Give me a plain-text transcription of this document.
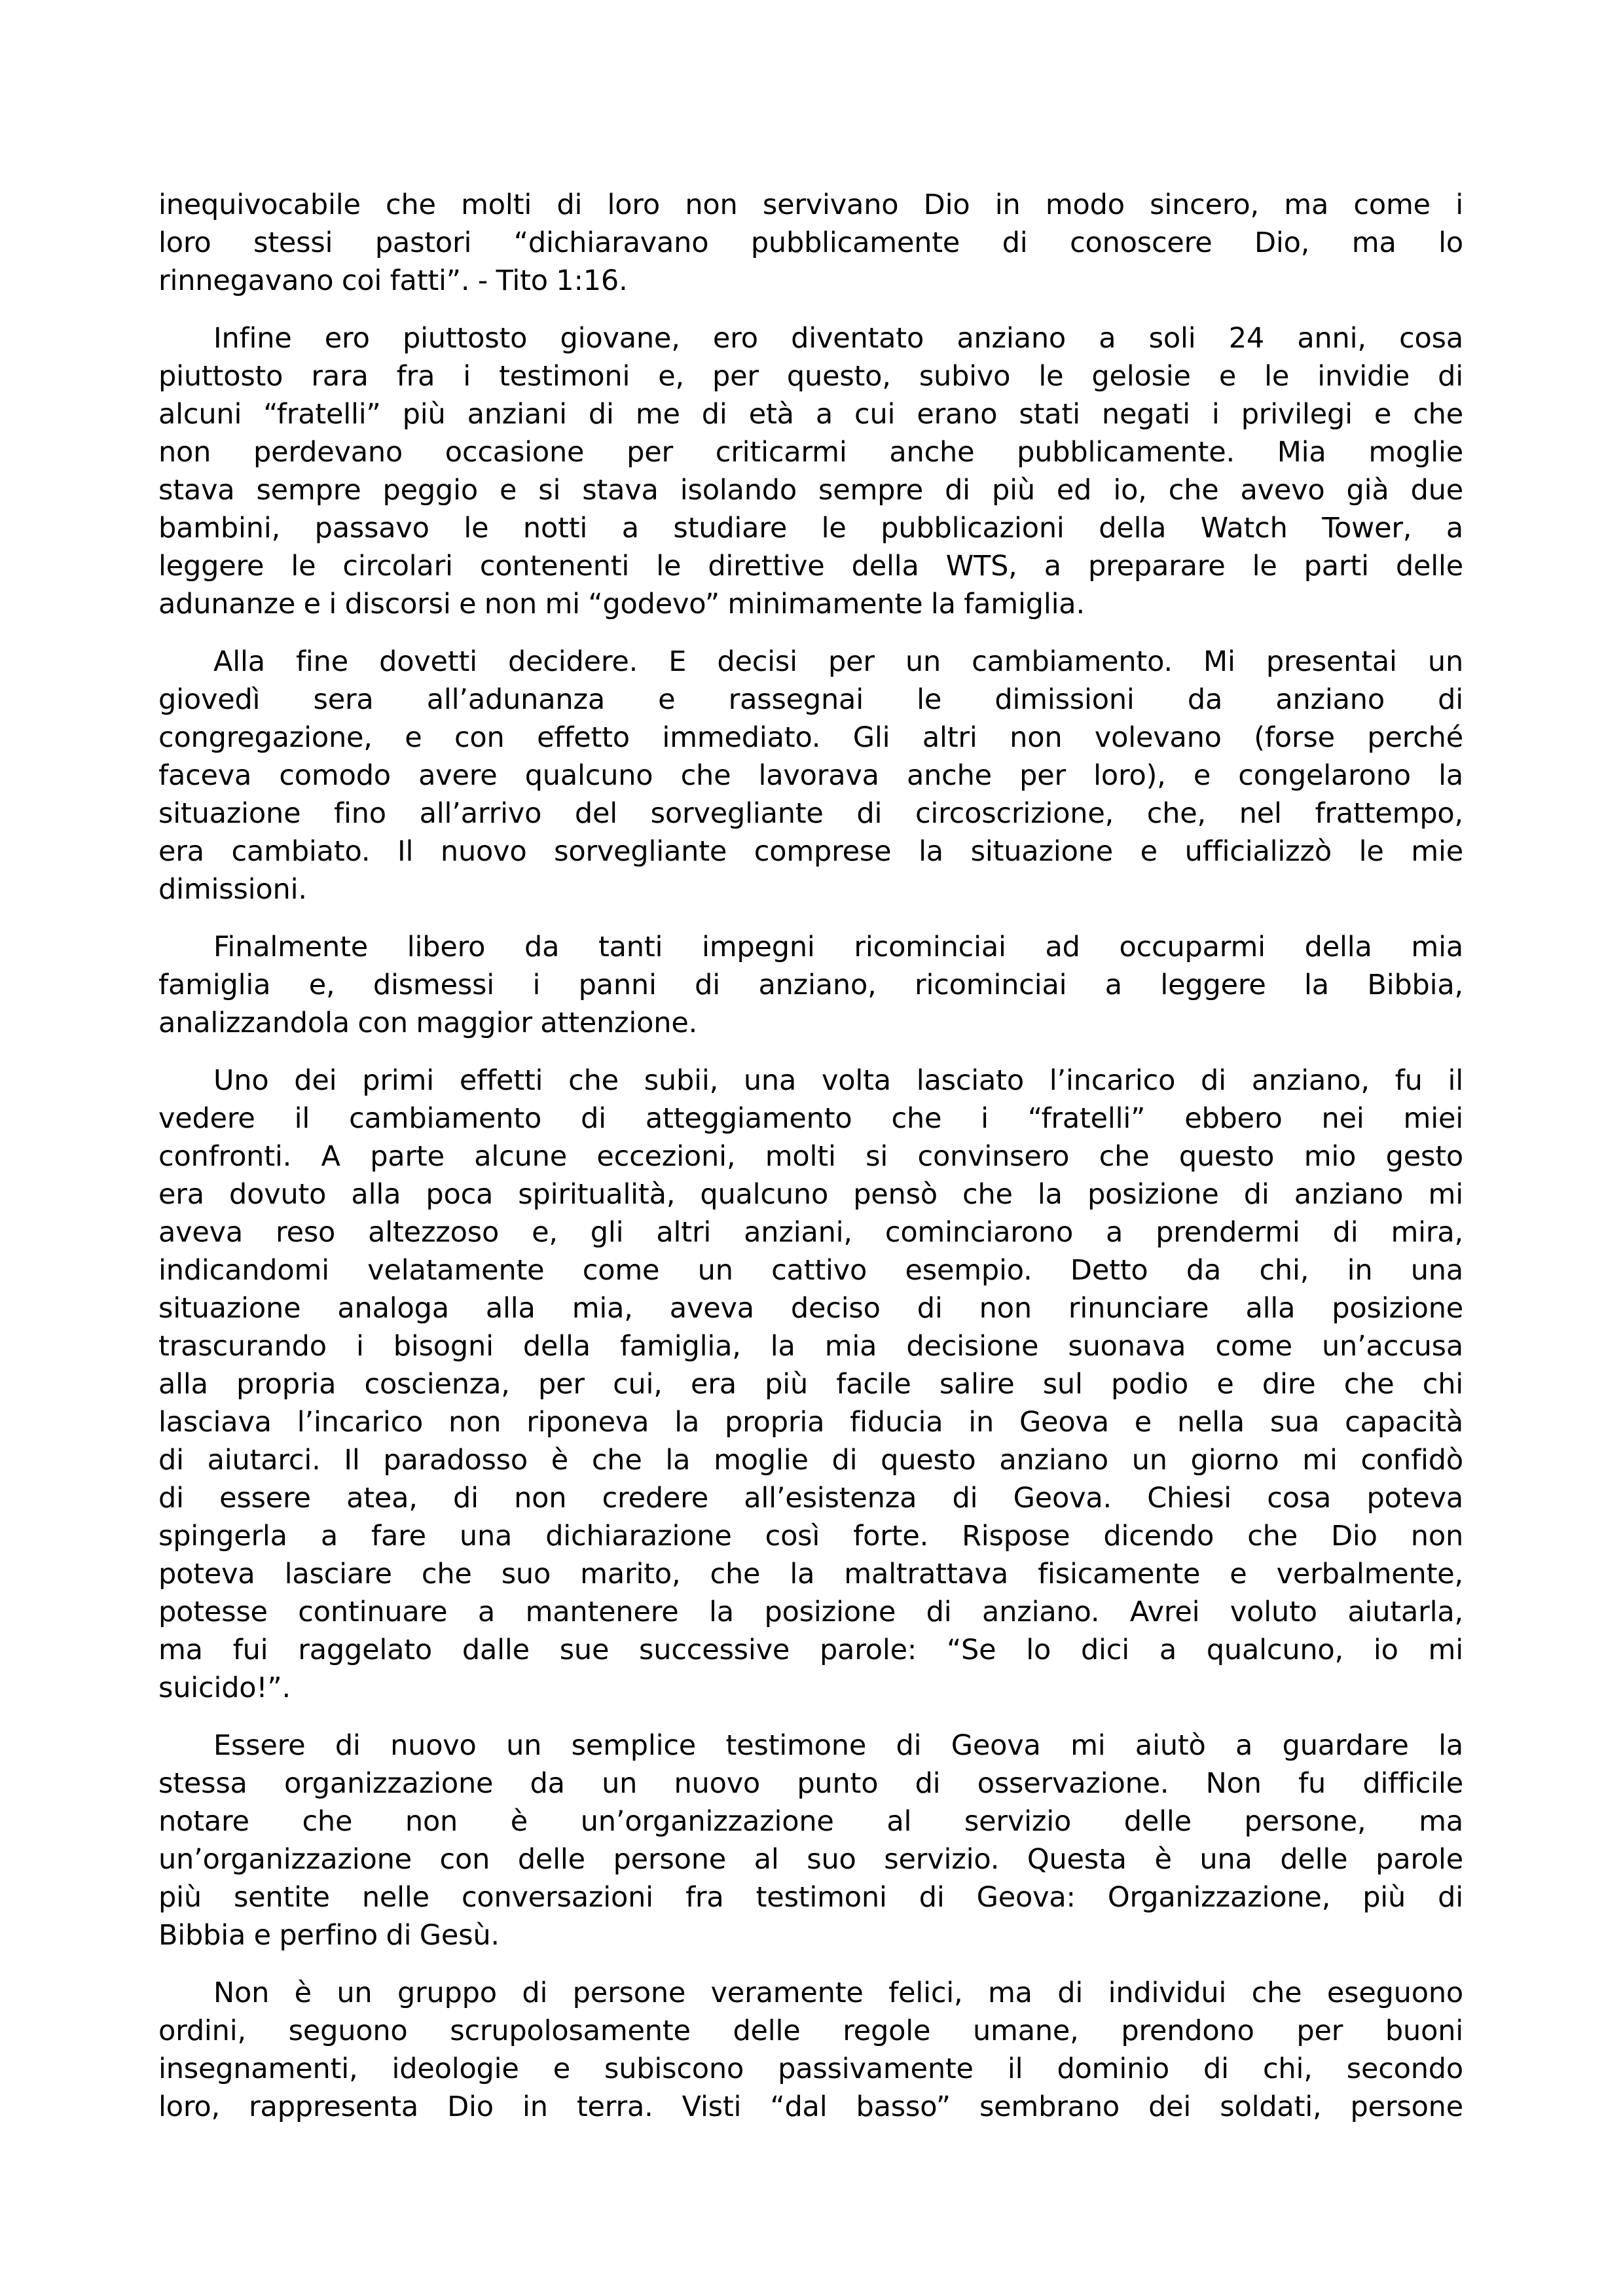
inequivocabile che molti di loro non servivano Dio in modo sincero, ma come i
loro stessi pastori “dichiaravano pubblicamente di conoscere Dio, ma lo
rinnegavano coi fatti”. - Tito 1:16.
Infine ero piuttosto giovane, ero diventato anziano a soli 24 anni, cosa
piuttosto rara fra i testimoni e, per questo, subivo le gelosie e le invidie di
alcuni “fratelli” più anziani di me di età a cui erano stati negati i privilegi e che
non perdevano occasione per criticarmi anche pubblicamente. Mia moglie
stava sempre peggio e si stava isolando sempre di più ed io, che avevo già due
bambini, passavo le notti a studiare le pubblicazioni della Watch Tower, a
leggere le circolari contenenti le direttive della WTS, a preparare le parti delle
adunanze e i discorsi e non mi “godevo” minimamente la famiglia.
Alla fine dovetti decidere. E decisi per un cambiamento. Mi presentai un
giovedì sera all’adunanza e rassegnai le dimissioni da anziano di
congregazione, e con effetto immediato. Gli altri non volevano (forse perché
faceva comodo avere qualcuno che lavorava anche per loro), e congelarono la
situazione fino all’arrivo del sorvegliante di circoscrizione, che, nel frattempo,
era cambiato. Il nuovo sorvegliante comprese la situazione e ufficializzò le mie
dimissioni.
Finalmente libero da tanti impegni ricominciai ad occuparmi della mia
famiglia e, dismessi i panni di anziano, ricominciai a leggere la Bibbia,
analizzandola con maggior attenzione.
Uno dei primi effetti che subii, una volta lasciato l’incarico di anziano, fu il
vedere il cambiamento di atteggiamento che i “fratelli” ebbero nei miei
confronti. A parte alcune eccezioni, molti si convinsero che questo mio gesto
era dovuto alla poca spiritualità, qualcuno pensò che la posizione di anziano mi
aveva reso altezzoso e, gli altri anziani, cominciarono a prendermi di mira,
indicandomi velatamente come un cattivo esempio. Detto da chi, in una
situazione analoga alla mia, aveva deciso di non rinunciare alla posizione
trascurando i bisogni della famiglia, la mia decisione suonava come un’accusa
alla propria coscienza, per cui, era più facile salire sul podio e dire che chi
lasciava l’incarico non riponeva la propria fiducia in Geova e nella sua capacità
di aiutarci. Il paradosso è che la moglie di questo anziano un giorno mi confidò
di essere atea, di non credere all’esistenza di Geova. Chiesi cosa poteva
spingerla a fare una dichiarazione così forte. Rispose dicendo che Dio non
poteva lasciare che suo marito, che la maltrattava fisicamente e verbalmente,
potesse continuare a mantenere la posizione di anziano. Avrei voluto aiutarla,
ma fui raggelato dalle sue successive parole: “Se lo dici a qualcuno, io mi
suicido!”.
Essere di nuovo un semplice testimone di Geova mi aiutò a guardare la
stessa organizzazione da un nuovo punto di osservazione. Non fu difficile
notare che non è un’organizzazione al servizio delle persone, ma
un’organizzazione con delle persone al suo servizio. Questa è una delle parole
più sentite nelle conversazioni fra testimoni di Geova: Organizzazione, più di
Bibbia e perfino di Gesù.
Non è un gruppo di persone veramente felici, ma di individui che eseguono
ordini, seguono scrupolosamente delle regole umane, prendono per buoni
insegnamenti, ideologie e subiscono passivamente il dominio di chi, secondo
loro, rappresenta Dio in terra. Visti “dal basso” sembrano dei soldati, persone
